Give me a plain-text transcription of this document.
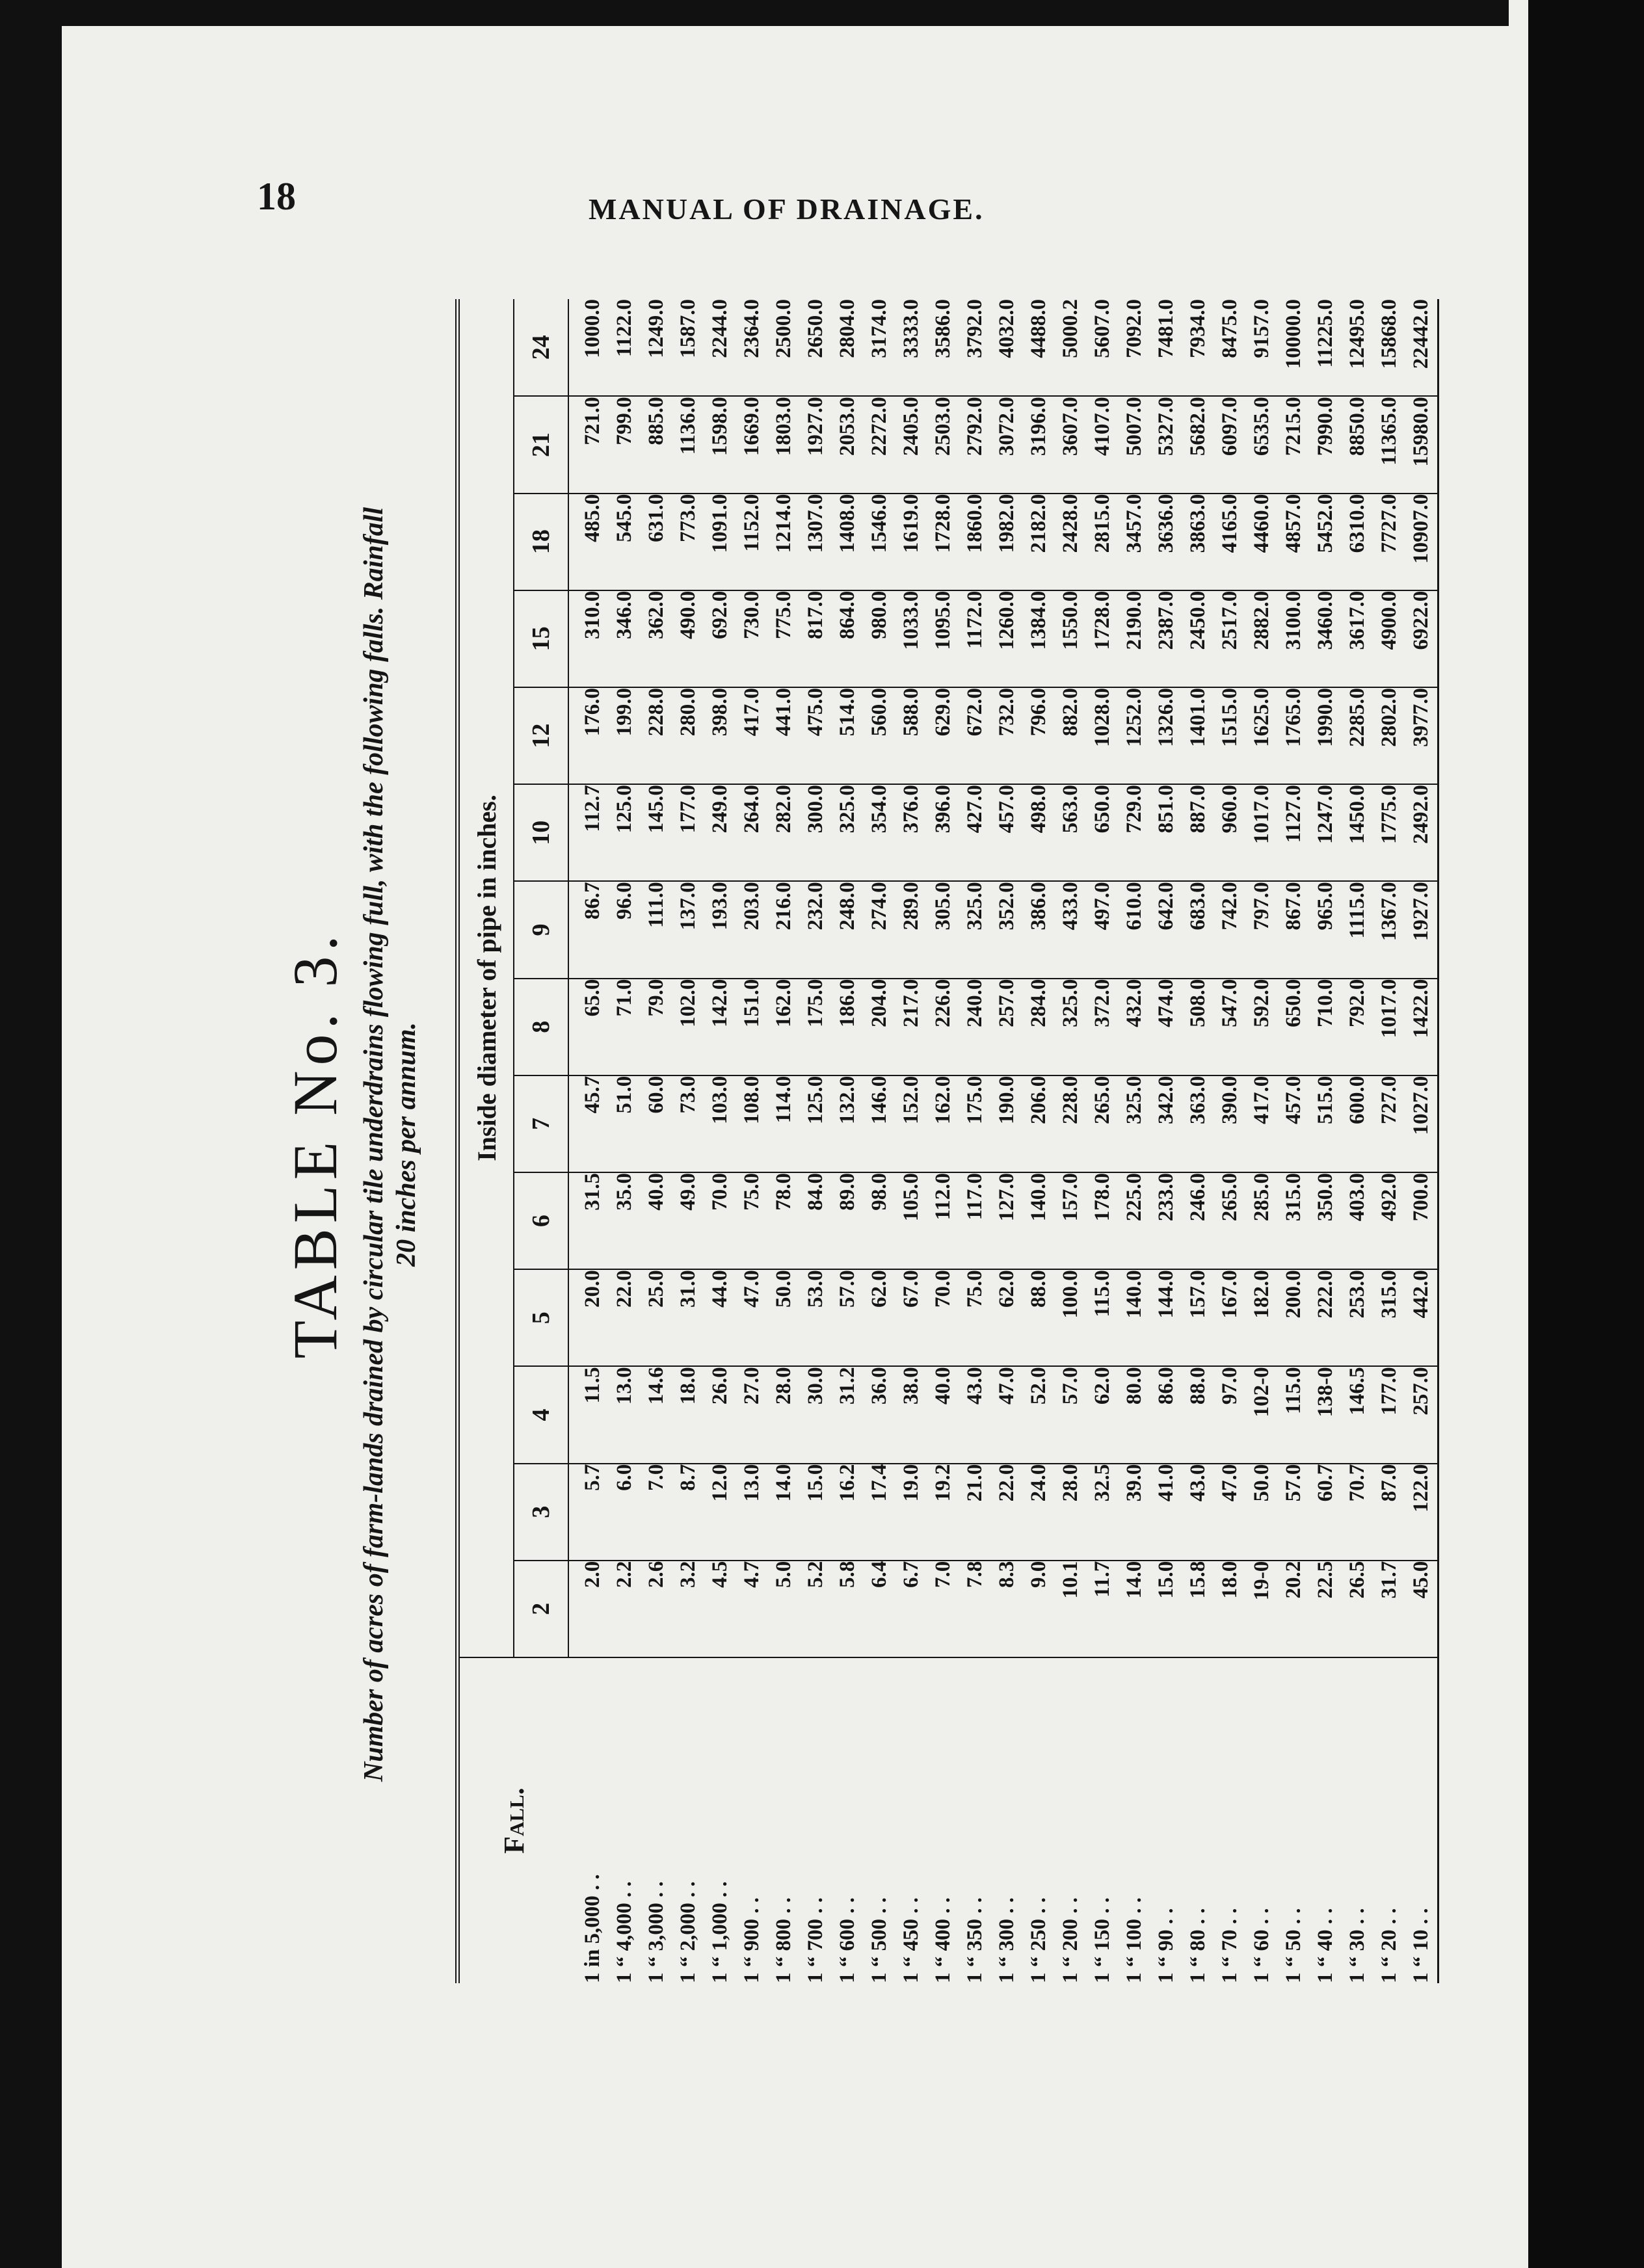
18	MANUAL OF DRAINAGE.
TABLE No. 3. Number of acres of farm-lands drained by circular tile underdrains flowing full, with the following falls. Rainfall 20 inches per annum.
Fall.	Inside diameter of pipe in inches.													
	2	3	4	5	6	7	8	9	10	12	15	18	21	24
1 in 5,000 . .	2.0	5.7	11.5	20.0	31.5	45.7	65.0	86.7	112.7	176.0	310.0	485.0	721.0	1000.0
1 “ 4,000 . .	2.2	6.0	13.0	22.0	35.0	51.0	71.0	96.0	125.0	199.0	346.0	545.0	799.0	1122.0
1 “ 3,000 . .	2.6	7.0	14.6	25.0	40.0	60.0	79.0	111.0	145.0	228.0	362.0	631.0	885.0	1249.0
1 “ 2,000 . .	3.2	8.7	18.0	31.0	49.0	73.0	102.0	137.0	177.0	280.0	490.0	773.0	1136.0	1587.0
1 “ 1,000 . .	4.5	12.0	26.0	44.0	70.0	103.0	142.0	193.0	249.0	398.0	692.0	1091.0	1598.0	2244.0
1 “ 900 . .	4.7	13.0	27.0	47.0	75.0	108.0	151.0	203.0	264.0	417.0	730.0	1152.0	1669.0	2364.0
1 “ 800 . .	5.0	14.0	28.0	50.0	78.0	114.0	162.0	216.0	282.0	441.0	775.0	1214.0	1803.0	2500.0
1 “ 700 . .	5.2	15.0	30.0	53.0	84.0	125.0	175.0	232.0	300.0	475.0	817.0	1307.0	1927.0	2650.0
1 “ 600 . .	5.8	16.2	31.2	57.0	89.0	132.0	186.0	248.0	325.0	514.0	864.0	1408.0	2053.0	2804.0
1 “ 500 . .	6.4	17.4	36.0	62.0	98.0	146.0	204.0	274.0	354.0	560.0	980.0	1546.0	2272.0	3174.0
1 “ 450 . .	6.7	19.0	38.0	67.0	105.0	152.0	217.0	289.0	376.0	588.0	1033.0	1619.0	2405.0	3333.0
1 “ 400 . .	7.0	19.2	40.0	70.0	112.0	162.0	226.0	305.0	396.0	629.0	1095.0	1728.0	2503.0	3586.0
1 “ 350 . .	7.8	21.0	43.0	75.0	117.0	175.0	240.0	325.0	427.0	672.0	1172.0	1860.0	2792.0	3792.0
1 “ 300 . .	8.3	22.0	47.0	62.0	127.0	190.0	257.0	352.0	457.0	732.0	1260.0	1982.0	3072.0	4032.0
1 “ 250 . .	9.0	24.0	52.0	88.0	140.0	206.0	284.0	386.0	498.0	796.0	1384.0	2182.0	3196.0	4488.0
1 “ 200 . .	10.1	28.0	57.0	100.0	157.0	228.0	325.0	433.0	563.0	882.0	1550.0	2428.0	3607.0	5000.2
1 “ 150 . .	11.7	32.5	62.0	115.0	178.0	265.0	372.0	497.0	650.0	1028.0	1728.0	2815.0	4107.0	5607.0
1 “ 100 . .	14.0	39.0	80.0	140.0	225.0	325.0	432.0	610.0	729.0	1252.0	2190.0	3457.0	5007.0	7092.0
1 “ 90 . .	15.0	41.0	86.0	144.0	233.0	342.0	474.0	642.0	851.0	1326.0	2387.0	3636.0	5327.0	7481.0
1 “ 80 . .	15.8	43.0	88.0	157.0	246.0	363.0	508.0	683.0	887.0	1401.0	2450.0	3863.0	5682.0	7934.0
1 “ 70 . .	18.0	47.0	97.0	167.0	265.0	390.0	547.0	742.0	960.0	1515.0	2517.0	4165.0	6097.0	8475.0
1 “ 60 . .	19-0	50.0	102-0	182.0	285.0	417.0	592.0	797.0	1017.0	1625.0	2882.0	4460.0	6535.0	9157.0
1 “ 50 . .	20.2	57.0	115.0	200.0	315.0	457.0	650.0	867.0	1127.0	1765.0	3100.0	4857.0	7215.0	10000.0
1 “ 40 . .	22.5	60.7	138-0	222.0	350.0	515.0	710.0	965.0	1247.0	1990.0	3460.0	5452.0	7990.0	11225.0
1 “ 30 . .	26.5	70.7	146.5	253.0	403.0	600.0	792.0	1115.0	1450.0	2285.0	3617.0	6310.0	8850.0	12495.0
1 “ 20 . .	31.7	87.0	177.0	315.0	492.0	727.0	1017.0	1367.0	1775.0	2802.0	4900.0	7727.0	11365.0	15868.0
1 “ 10 . .	45.0	122.0	257.0	442.0	700.0	1027.0	1422.0	1927.0	2492.0	3977.0	6922.0	10907.0	15980.0	22442.0
